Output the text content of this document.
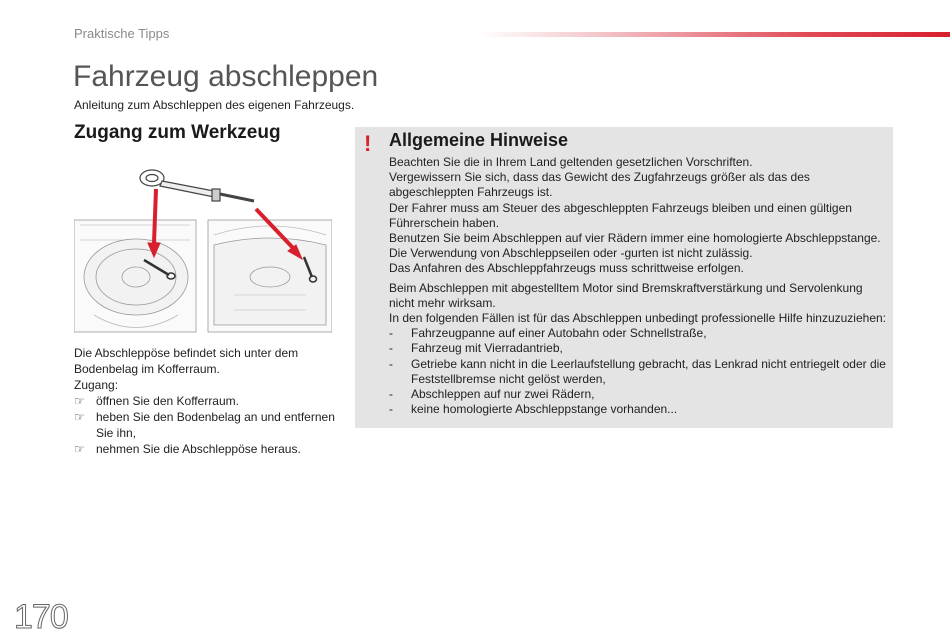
Praktische Tipps
Fahrzeug abschleppen
Anleitung zum Abschleppen des eigenen Fahrzeugs.
Zugang zum Werkzeug

Die Abschleppöse befindet sich unter dem Bodenbelag im Kofferraum.

Zugang:

☞ öffnen Sie den Kofferraum.
☞ heben Sie den Bodenbelag an und entfernen Sie ihn,
☞ nehmen Sie die Abschleppöse heraus.
! Allgemeine Hinweise

Beachten Sie die in Ihrem Land geltenden gesetzlichen Vorschriften.

Vergewissern Sie sich, dass das Gewicht des Zugfahrzeugs größer als das des abgeschleppten Fahrzeugs ist.

Der Fahrer muss am Steuer des abgeschleppten Fahrzeugs bleiben und einen gültigen Führerschein haben.

Benutzen Sie beim Abschleppen auf vier Rädern immer eine homologierte Abschleppstange. Die Verwendung von Abschleppseilen oder -gurten ist nicht zulässig.

Das Anfahren des Abschleppfahrzeugs muss schrittweise erfolgen.

Beim Abschleppen mit abgestelltem Motor sind Bremskraftverstärkung und Servolenkung nicht mehr wirksam.

In den folgenden Fällen ist für das Abschleppen unbedingt professionelle Hilfe hinzuzuziehen:

- Fahrzeugpanne auf einer Autobahn oder Schnellstraße,
- Fahrzeug mit Vierradantrieb,
- Getriebe kann nicht in die Leerlaufstellung gebracht, das Lenkrad nicht entriegelt oder die Feststellbremse nicht gelöst werden,
- Abschleppen auf nur zwei Rädern,
- keine homologierte Abschleppstange vorhanden...
170
